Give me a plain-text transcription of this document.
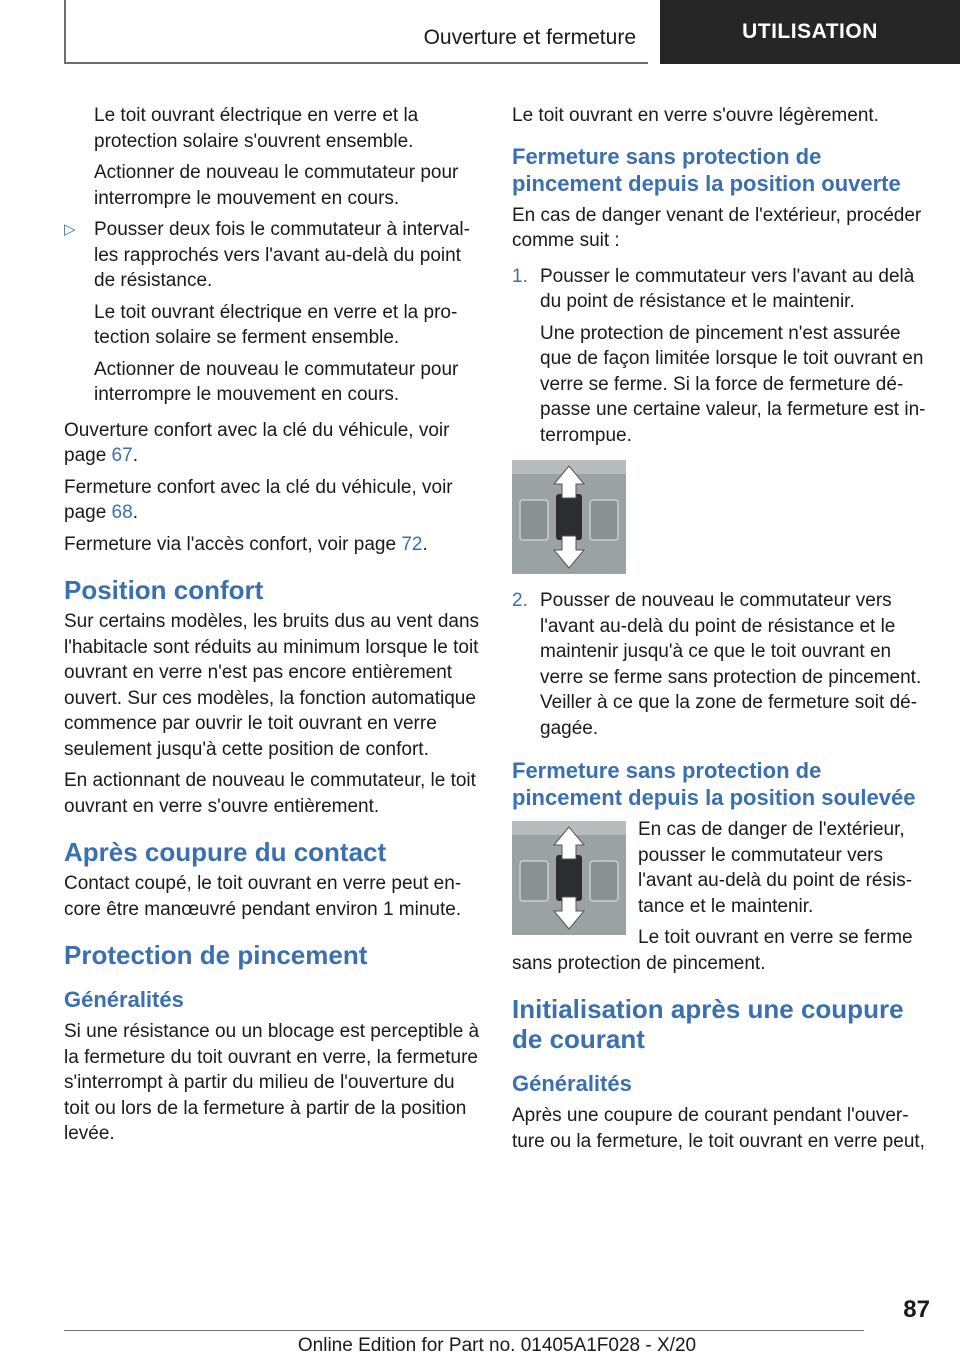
Ouverture et fermeture	UTILISATION

Le toit ouvrant électrique en verre et la protection solaire s'ouvrent ensemble.

Actionner de nouveau le commutateur pour interrompre le mouvement en cours.

▷ Pousser deux fois le commutateur à intervalles rapprochés vers l'avant au-delà du point de résistance.

Le toit ouvrant électrique en verre et la protection solaire se ferment ensemble.

Actionner de nouveau le commutateur pour interrompre le mouvement en cours.

Ouverture confort avec la clé du véhicule, voir page 67.

Fermeture confort avec la clé du véhicule, voir page 68.

Fermeture via l'accès confort, voir page 72.

Position confort

Sur certains modèles, les bruits dus au vent dans l'habitacle sont réduits au minimum lorsque le toit ouvrant en verre n'est pas encore entièrement ouvert. Sur ces modèles, la fonction automatique commence par ouvrir le toit ouvrant en verre seulement jusqu'à cette position de confort.

En actionnant de nouveau le commutateur, le toit ouvrant en verre s'ouvre entièrement.

Après coupure du contact

Contact coupé, le toit ouvrant en verre peut encore être manœuvré pendant environ 1 minute.

Protection de pincement
Généralités

Si une résistance ou un blocage est perceptible à la fermeture du toit ouvrant en verre, la fermeture s'interrompt à partir du milieu de l'ouverture du toit ou lors de la fermeture à partir de la position levée.

Le toit ouvrant en verre s'ouvre légèrement.

Fermeture sans protection de pincement depuis la position ouverte

En cas de danger venant de l'extérieur, procéder comme suit :

1. Pousser le commutateur vers l'avant au delà du point de résistance et le maintenir.

Une protection de pincement n'est assurée que de façon limitée lorsque le toit ouvrant en verre se ferme. Si la force de fermeture dépasse une certaine valeur, la fermeture est interrompue.

2. Pousser de nouveau le commutateur vers l'avant au-delà du point de résistance et le maintenir jusqu'à ce que le toit ouvrant en verre se ferme sans protection de pincement. Veiller à ce que la zone de fermeture soit dégagée.
Fermeture sans protection de pincement depuis la position soulevée

En cas de danger de l'extérieur, pousser le commutateur vers l'avant au-delà du point de résistance et le maintenir.

Le toit ouvrant en verre se ferme sans protection de pincement.

Initialisation après une coupure de courant
Généralités

Après une coupure de courant pendant l'ouverture ou la fermeture, le toit ouvrant en verre peut,

87
Online Edition for Part no. 01405A1F028 - X/20
